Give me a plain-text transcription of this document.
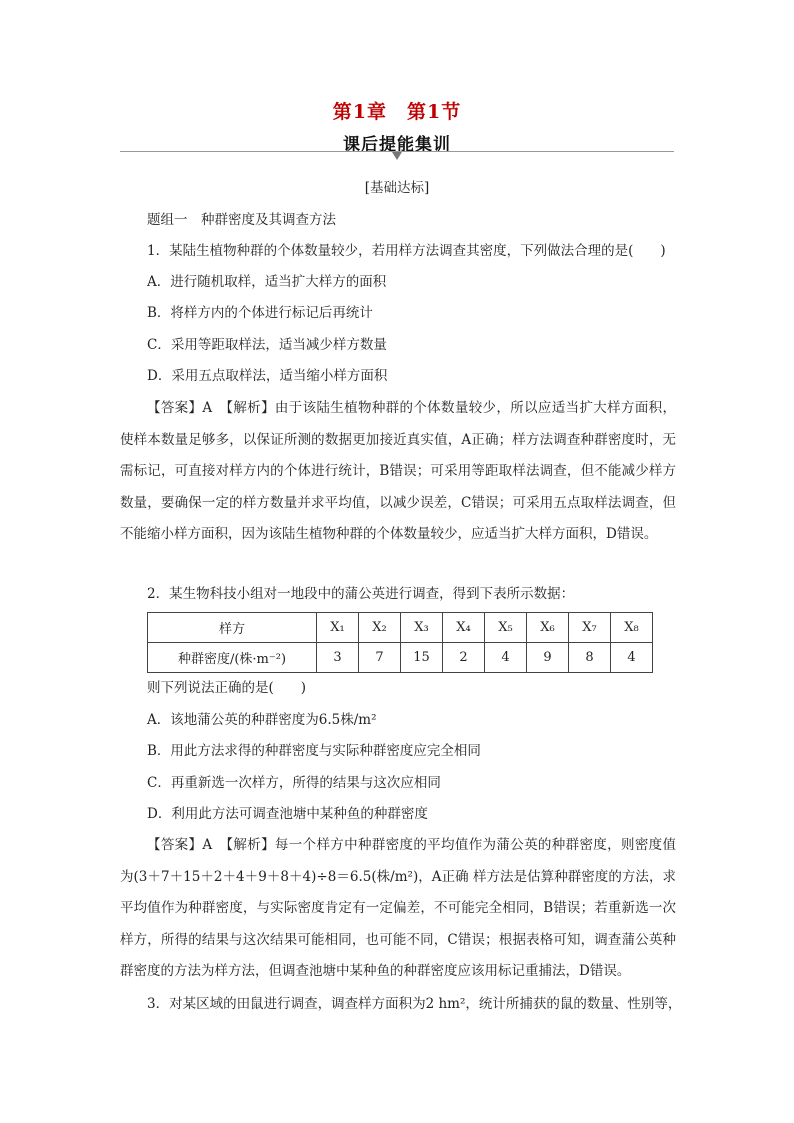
第1章　第1节
课后提能集训
[基础达标]
题组一　种群密度及其调查方法
1．某陆生植物种群的个体数量较少，若用样方法调查其密度，下列做法合理的是(　　)
A．进行随机取样，适当扩大样方的面积
B．将样方内的个体进行标记后再统计
C．采用等距取样法，适当减少样方数量
D．采用五点取样法，适当缩小样方面积
【答案】A　【解析】由于该陆生植物种群的个体数量较少，所以应适当扩大样方面积，使样本数量足够多，以保证所测的数据更加接近真实值，A正确；样方法调查种群密度时，无需标记，可直接对样方内的个体进行统计，B错误；可采用等距取样法调查，但不能减少样方数量，要确保一定的样方数量并求平均值，以减少误差，C错误；可采用五点取样法调查，但不能缩小样方面积，因为该陆生植物种群的个体数量较少，应适当扩大样方面积，D错误。
2．某生物科技小组对一地段中的蒲公英进行调查，得到下表所示数据：
样方	X₁	X₂	X₃	X₄	X₅	X₆	X₇	X₈
种群密度/(株·m⁻²)	3	7	15	2	4	9	8	4
则下列说法正确的是(　　)
A．该地蒲公英的种群密度为6.5株/m²
B．用此方法求得的种群密度与实际种群密度应完全相同
C．再重新选一次样方，所得的结果与这次应相同
D．利用此方法可调查池塘中某种鱼的种群密度
【答案】A　【解析】每一个样方中种群密度的平均值作为蒲公英的种群密度，则密度值为(3＋7＋15＋2＋4＋9＋8＋4)÷8＝6.5(株/m²)，A正确 样方法是估算种群密度的方法，求平均值作为种群密度，与实际密度肯定有一定偏差，不可能完全相同，B错误；若重新选一次样方，所得的结果与这次结果可能相同，也可能不同，C错误；根据表格可知，调查蒲公英种群密度的方法为样方法，但调查池塘中某种鱼的种群密度应该用标记重捕法，D错误。
3．对某区域的田鼠进行调查，调查样方面积为2 hm²，统计所捕获的鼠的数量、性别等，
